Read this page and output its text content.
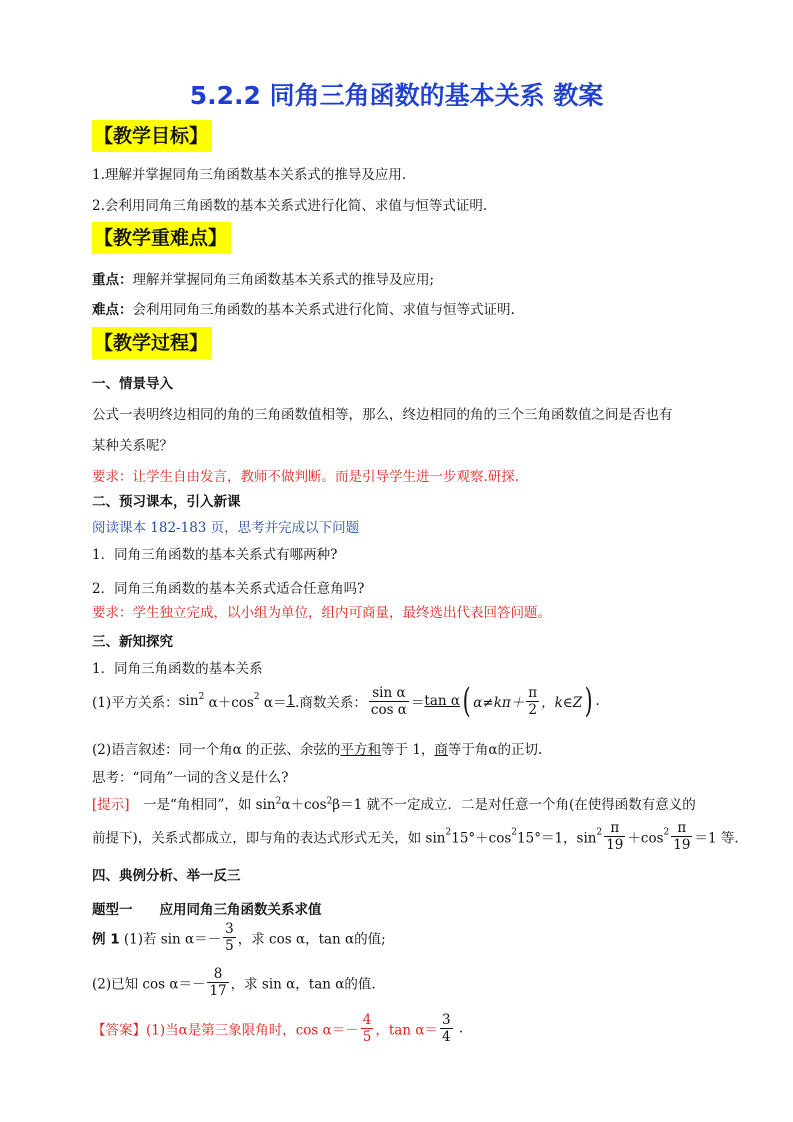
5.2.2 同角三角函数的基本关系 教案
【教学目标】
1.理解并掌握同角三角函数基本关系式的推导及应用.
2.会利用同角三角函数的基本关系式进行化简、求值与恒等式证明.
【教学重难点】
重点：理解并掌握同角三角函数基本关系式的推导及应用;
难点：会利用同角三角函数的基本关系式进行化简、求值与恒等式证明.
【教学过程】
一、情景导入
公式一表明终边相同的角的三角函数值相等，那么，终边相同的角的三个三角函数值之间是否也有
某种关系呢？
要求：让学生自由发言，教师不做判断。而是引导学生进一步观察.研探.
二、预习课本，引入新课
阅读课本 182-183 页，思考并完成以下问题
1．同角三角函数的基本关系式有哪两种?
2．同角三角函数的基本关系式适合任意角吗?
要求：学生独立完成，以小组为单位，组内可商量，最终选出代表回答问题。
三、新知探究
1．同角三角函数的基本关系
(1)平方关系：$\sin^2 \alpha+\cos^2$ α＝1.商数关系： $\frac{\text{sin α}}{\text{cos α}} =\tan$ α( $\alpha\ne k\pi+ \frac{\pi}{2}$ ，k∈Z) .
(2)语言叙述：同一个角α 的正弦、余弦的平方和等于 1，商等于角α的正切.
思考：“同角”一词的含义是什么?
[提示]　一是“角相同”，如 $\sin^2\alpha+\cos^2\beta=1$ 就不一定成立．二是对任意一个角(在使得函数有意义的
前提下)，关系式都成立，即与角的表达式形式无关，如 $\sin^215^\circ+\cos^215^\circ=1$，$\sin^2 \frac{\pi}{19} +\cos^2 \frac{\pi}{19} =1$ 等.
四、典例分析、举一反三
题型一　　应用同角三角函数关系求值
例 1 (1)若 $\sin \alpha=- \frac{3}{5}$ ，求 cos α，tan α的值;
(2)已知 $\cos \alpha=- \frac{8}{17}$ ，求 sin α，tan α的值.
【答案】(1)当α是第三象限角时，$\cos \alpha=- \frac{4}{5}$ ，$\tan \alpha= \frac{3}{4}$ .
